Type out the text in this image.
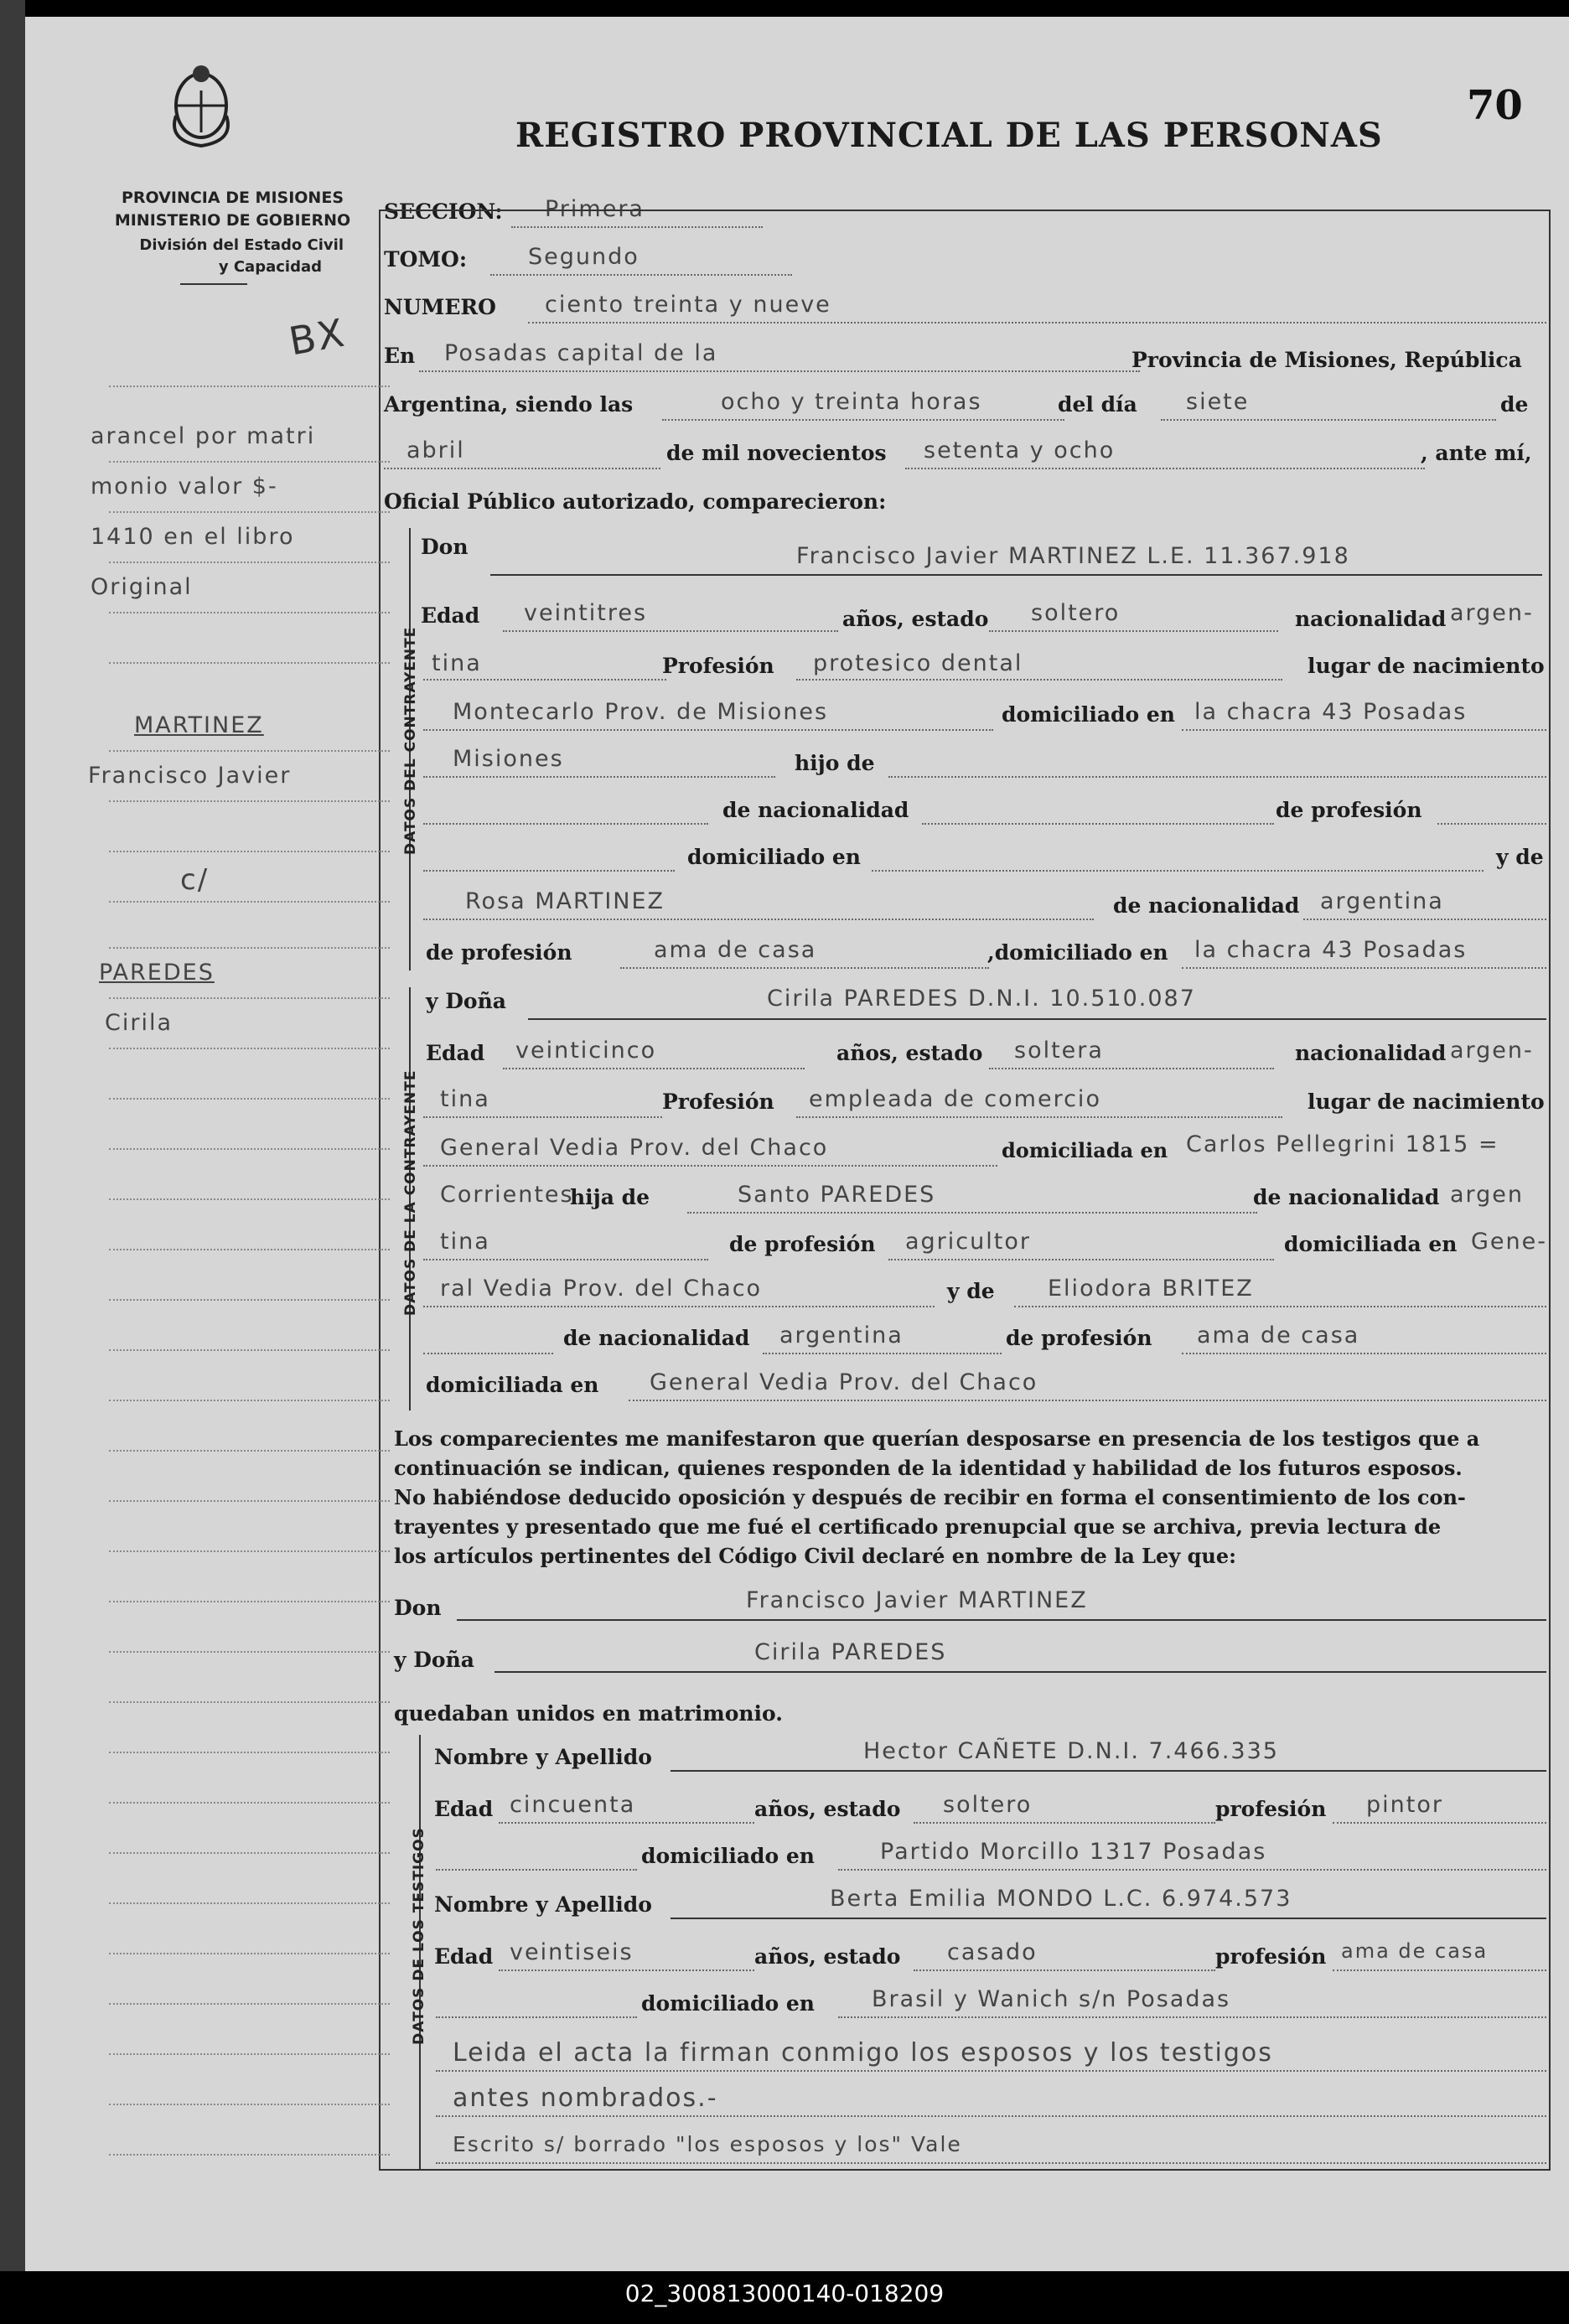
REGISTRO PROVINCIAL DE LAS PERSONAS
70
PROVINCIA DE MISIONES
MINISTERIO DE GOBIERNO
División del Estado Civil
y Capacidad
BX
arancel por matri
monio valor $-
1410 en el libro
Original
MARTINEZ
Francisco Javier
c/
PAREDES
Cirila
SECCION: Primera
TOMO:	Segundo
NUMERO ciento treinta y nueve
En Posadas capital de la	Provincia de Misiones, República
Argentina, siendo las	ocho y treinta horas	del día siete	de
abril	de mil novecientos setenta y ocho	, ante mí,
Oficial Público autorizado, comparecieron:
DATOS DEL CONTRAYENTE
Don	Francisco Javier MARTINEZ L.E. 11.367.918
Edad veintitres	años, estado soltero	nacionalidad argen-
tina	Profesión protesico dental	lugar de nacimiento
Montecarlo Prov. de Misiones	domiciliado en la chacra 43 Posadas
Misiones	hijo de
de nacionalidad	de profesión
domiciliado en	y de
Rosa MARTINEZ	de nacionalidad argentina
de profesión	ama de casa	,domiciliado en la chacra 43 Posadas
DATOS DE LA CONTRAYENTE
y Doña	Cirila PAREDES D.N.I. 10.510.087
Edad veinticinco	años, estado soltera	nacionalidad argen-
tina	Profesión empleada de comercio	lugar de nacimiento
General Vedia Prov. del Chaco	domiciliada en Carlos Pellegrini 1815 =
Corrientes
hija de	Santo PAREDES	de nacionalidad argen
tina	de profesión agricultor	domiciliada en Gene-
ral Vedia Prov. del Chaco	y de Eliodora BRITEZ
de nacionalidad argentina	de profesión ama de casa
domiciliada en General Vedia Prov. del Chaco
Los comparecientes me manifestaron que querían desposarse en presencia de los testigos que a
continuación se indican, quienes responden de la identidad y habilidad de los futuros esposos.
No habiéndose deducido oposición y después de recibir en forma el consentimiento de los con-
trayentes y presentado que me fué el certificado prenupcial que se archiva, previa lectura de
los artículos pertinentes del Código Civil declaré en nombre de la Ley que:
Don	Francisco Javier MARTINEZ
y Doña	Cirila PAREDES
quedaban unidos en matrimonio.
DATOS DE LOS TESTIGOS
Nombre y Apellido	Hector CAÑETE D.N.I. 7.466.335
Edad cincuenta	años, estado soltero	profesión pintor
domiciliado en	Partido Morcillo 1317 Posadas
Nombre y Apellido	Berta Emilia MONDO L.C. 6.974.573
Edad veintiseis	años, estado casado	profesión ama de casa
domiciliado en	Brasil y Wanich s/n Posadas
Leida el acta la firman conmigo los esposos y los testigos
antes nombrados.-
Escrito s/ borrado "los esposos y los" Vale
02_300813000140-018209
